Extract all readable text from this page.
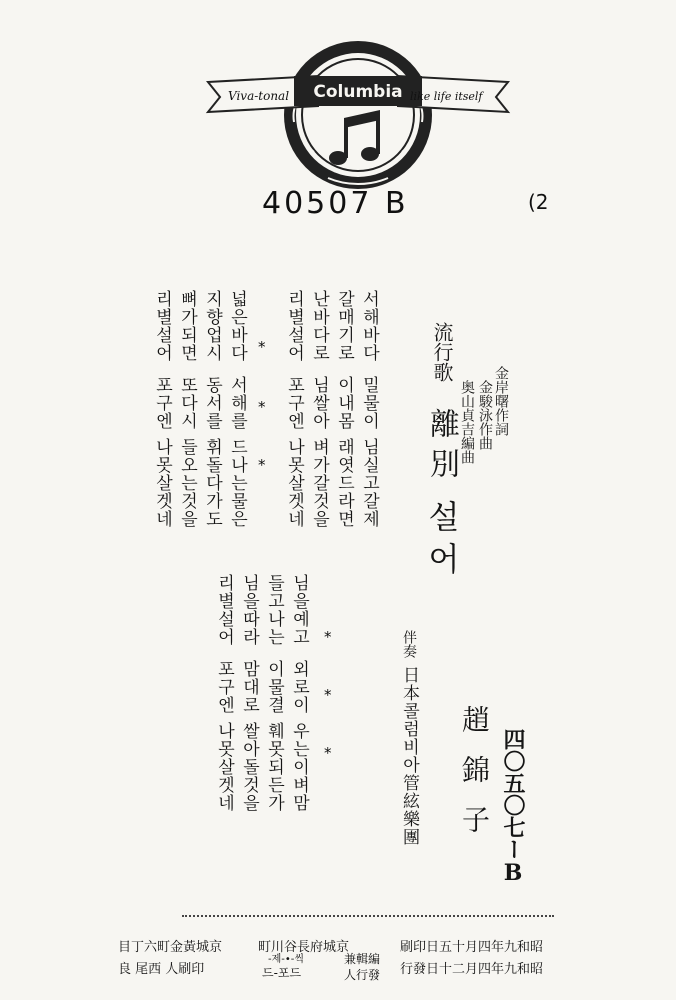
Viva-tonal	like life itself
Columbia
40507 B	(2
流行歌
離別
설어
趙錦子
金岸曙作詞
金駿泳作曲
奥山貞吉編曲
伴奏
日本콜럼비아管絃樂團	四〇五〇七ーB
서해바다
밀물이
님실고갈제
갈매기로
이내몸
래엿드라면
난바다로
님쌀아
벼가갈것을
리별설어
포구엔
나못살겟네
*
*
*
넓은바다
서해를
드나는물은
지향업시
동서를
휘돌다가도
뼈가되면
또다시
들오는것을
리별설어
포구엔
나못살겟네
*
*
*
님을예고
외로이
우는이벼맘
들고나는
이물결
훼못되든가
님을따라
맘대로
쌀아돌것을
리별설어
포구엔
나못살겟네
昭和九年四月十五日印刷
昭和九年四月二十日發行
京城府長谷川町
編輯兼
發行人
드-포드
-제-•-씩
京城黃金町六丁目
印刷人 西尾 良
